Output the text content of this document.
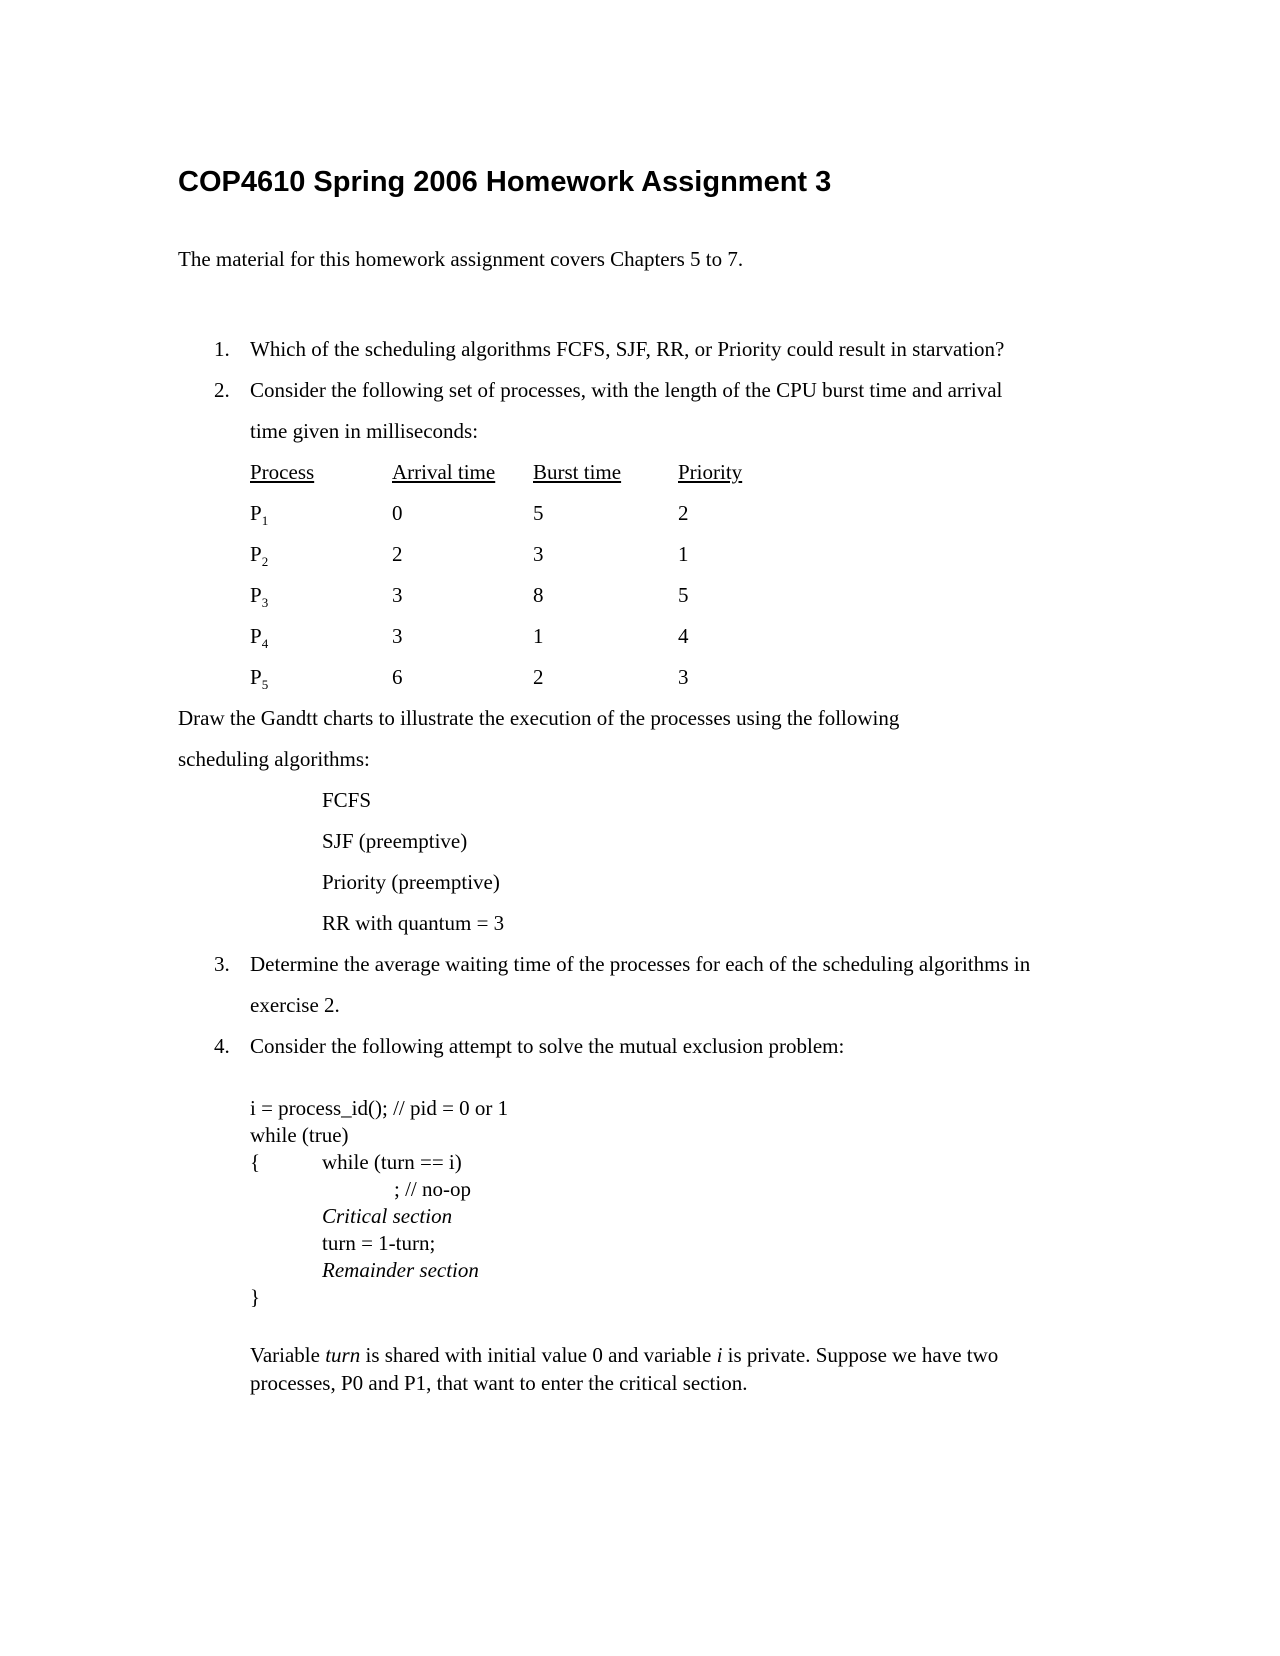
COP4610 Spring 2006 Homework Assignment 3

The material for this homework assignment covers Chapters 5 to 7.

1. Which of the scheduling algorithms FCFS, SJF, RR, or Priority could result in starvation?
2. Consider the following set of processes, with the length of the CPU burst time and arrival time given in milliseconds:
Process	Arrival time	Burst time	Priority
$P_1$	0	5	2
$P_2$	2	3	1
$P_3$	3	8	5
$P_4$	3	1	4
$P_5$	6	2	3

Draw the Gandtt charts to illustrate the execution of the processes using the following scheduling algorithms:

FCFS
SJF (preemptive)
Priority (preemptive)
RR with quantum = 3
3. Determine the average waiting time of the processes for each of the scheduling algorithms in exercise 2.
4. Consider the following attempt to solve the mutual exclusion problem:
i = process_id(); // pid = 0 or 1
while (true)
{	while (turn == i)
; // no-op
Critical section
turn = 1-turn;
Remainder section
}

Variable turn is shared with initial value 0 and variable i is private. Suppose we have two processes, P0 and P1, that want to enter the critical section.
